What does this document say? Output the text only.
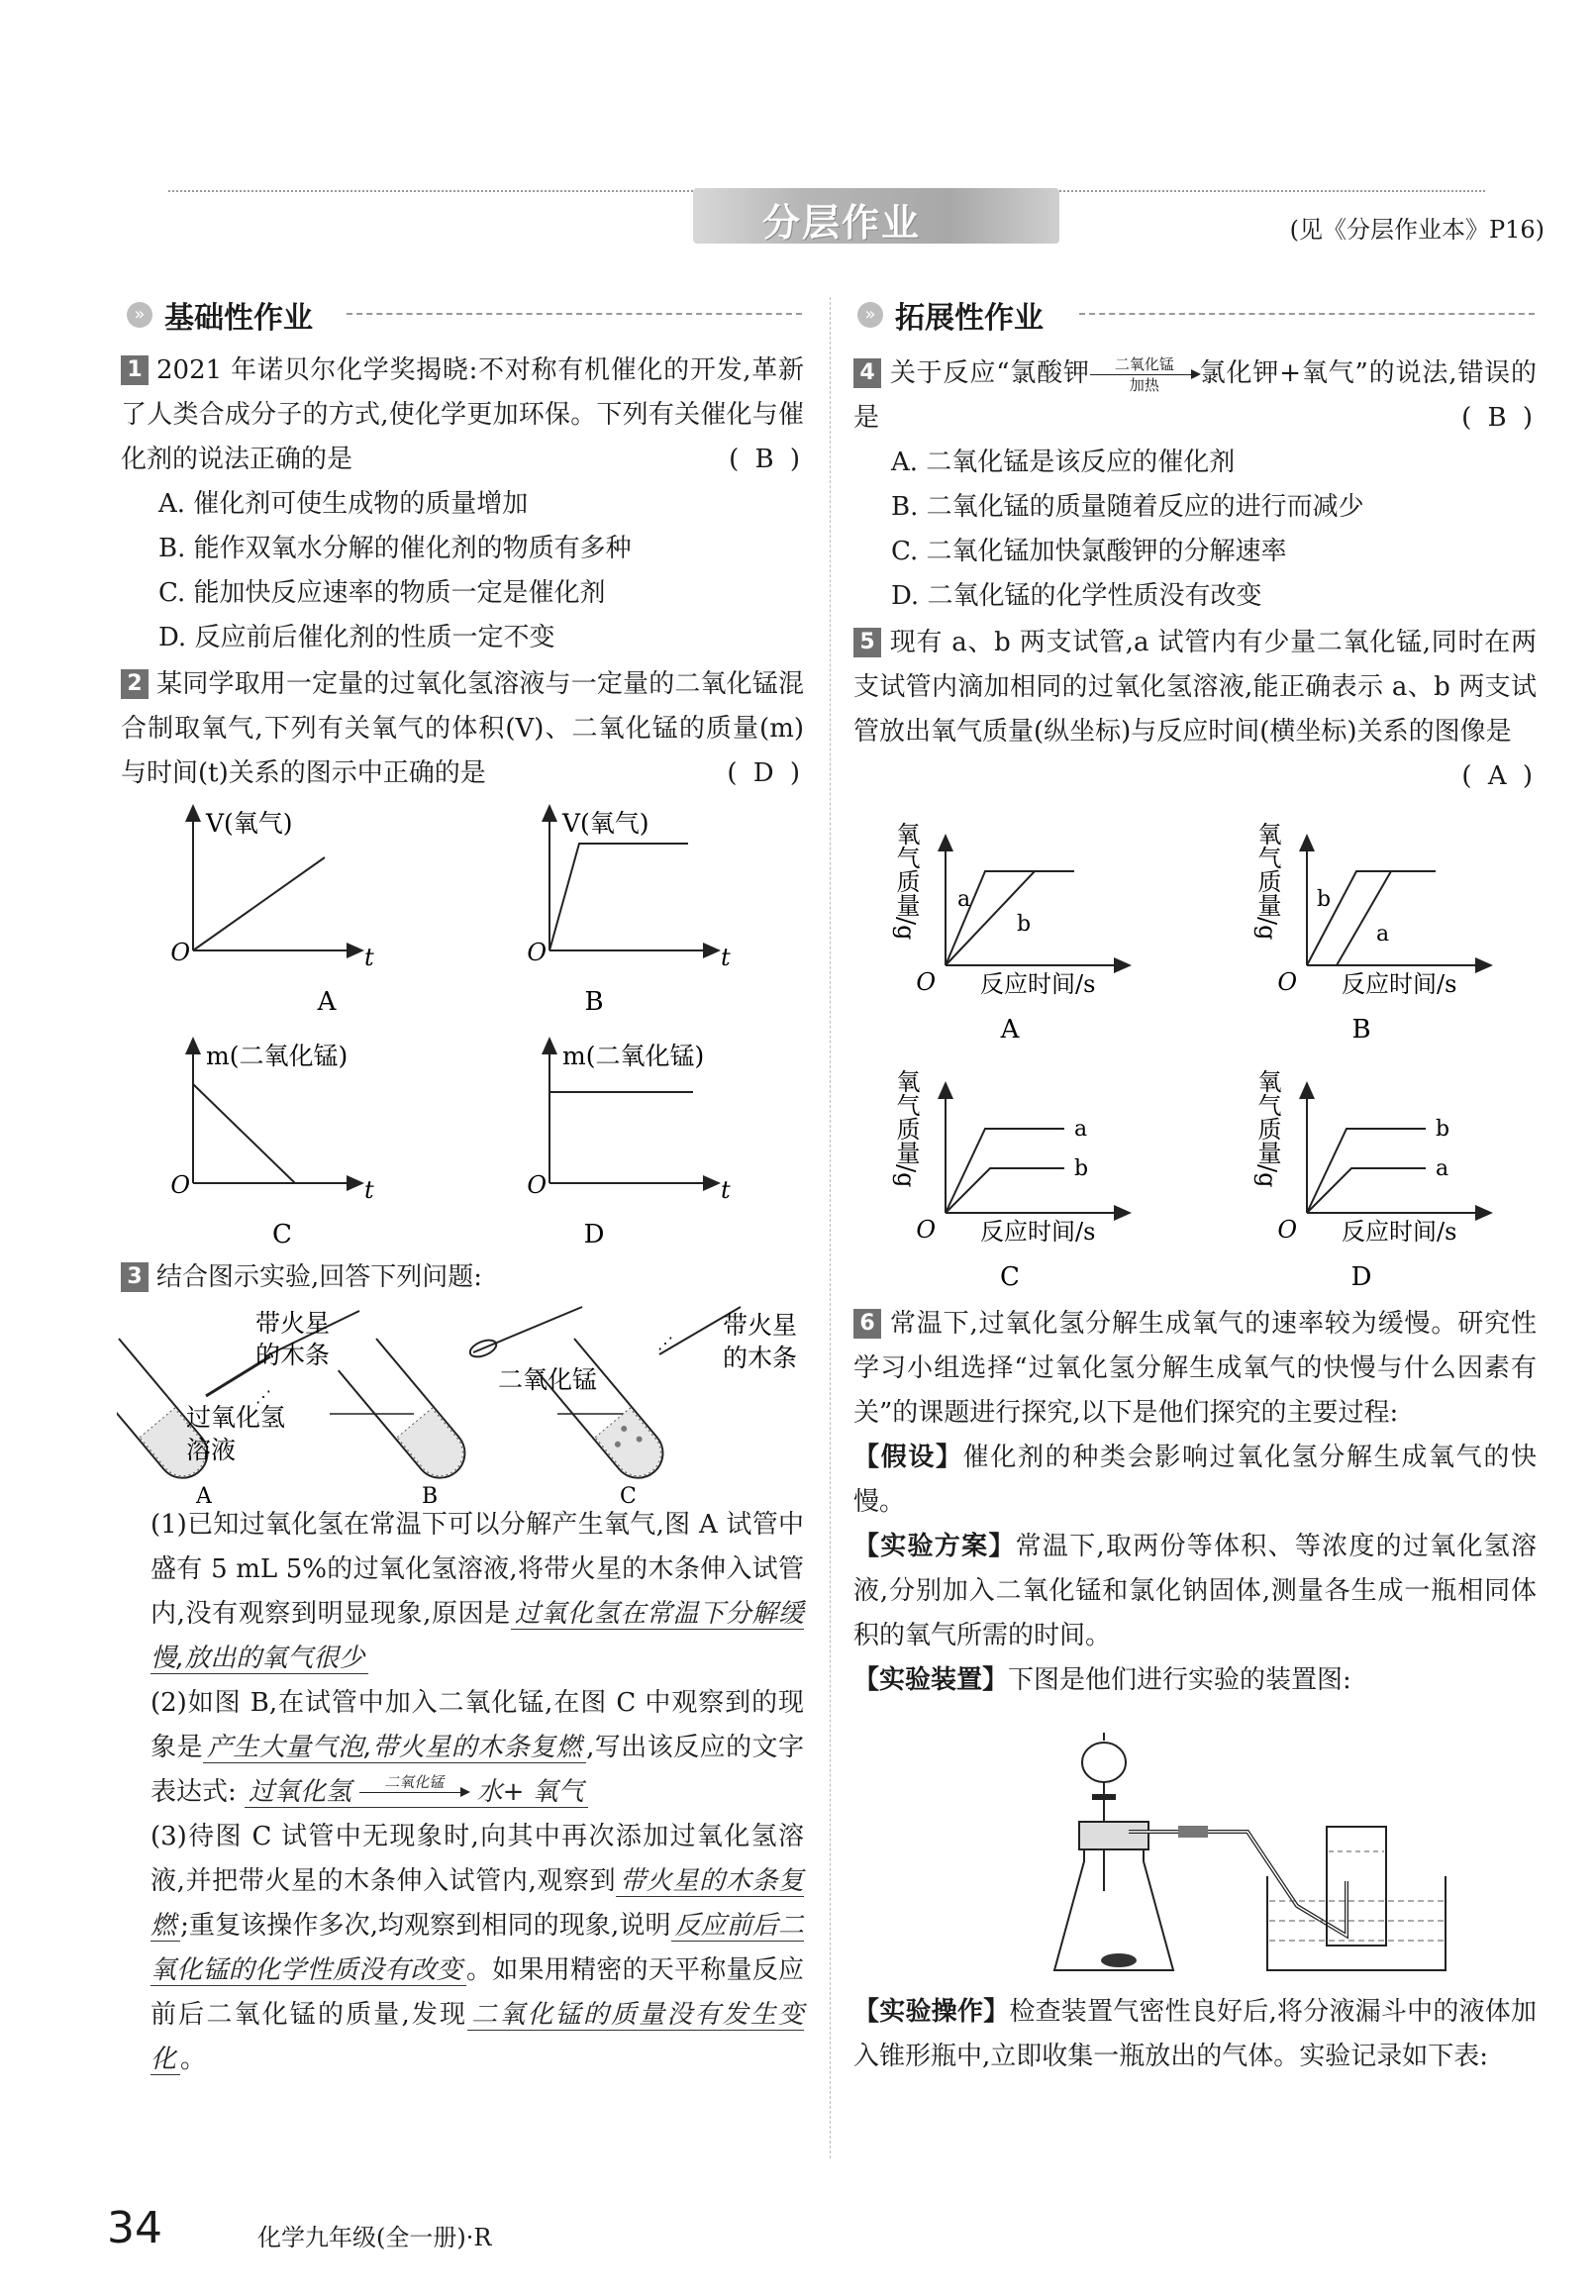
分层作业	(见《分层作业本》P16)
» 基础性作业	» 拓展性作业

1 2021 年诺贝尔化学奖揭晓:不对称有机催化的开发,革新了人类合成分子的方式,使化学更加环保。下列有关催化与催化剂的说法正确的是	( B )

A. 催化剂可使生成物的质量增加

B. 能作双氧水分解的催化剂的物质有多种

C. 能加快反应速率的物质一定是催化剂

D. 反应前后催化剂的性质一定不变

2 某同学取用一定量的过氧化氢溶液与一定量的二氧化锰混合制取氧气,下列有关氧气的体积(V)、二氧化锰的质量(m)与时间(t)关系的图示中正确的是	( D )

V(氧气)
O	t
A
V(氧气)
O	t
B
m(二氧化锰)
O	t
C
m(二氧化锰)
O	t
D

3 结合图示实验,回答下列问题:

⋰
带火星
的木条
过氧化氢
溶液
A
二氧化锰
B
⋰
带火星
的木条
C

(1)已知过氧化氢在常温下可以分解产生氧气,图 A 试管中盛有 5 mL 5%的过氧化氢溶液,将带火星的木条伸入试管内,没有观察到明显现象,原因是 过氧化氢在常温下分解缓慢,放出的氧气很少

(2)如图 B,在试管中加入二氧化锰,在图 C 中观察到的现象是 产生大量气泡,带火星的木条复燃 ,写出该反应的文字表达式: 过氧化氢	二氧化锰
	水+ 氧气

(3)待图 C 试管中无现象时,向其中再次添加过氧化氢溶液,并把带火星的木条伸入试管内,观察到 带火星的木条复燃 ;重复该操作多次,均观察到相同的现象,说明 反应前后二氧化锰的化学性质没有改变 。如果用精密的天平称量反应前后二氧化锰的质量,发现 二氧化锰的质量没有发生变化 。

4 关于反应“氯酸钾	二氧化锰
加热	氯化钾+氧气”的说法,错误的是	( B )

A. 二氧化锰是该反应的催化剂

B. 二氧化锰的质量随着反应的进行而减少

C. 二氧化锰加快氯酸钾的分解速率

D. 二氧化锰的化学性质没有改变

5 现有 a、b 两支试管,a 试管内有少量二氧化锰,同时在两支试管内滴加相同的过氧化氢溶液,能正确表示 a、b 两支试管放出氧气质量(纵坐标)与反应时间(横坐标)关系的图像是
( A )

a
b
氧气质量/g
O 反应时间/s
A
b
a
氧气质量/g
O 反应时间/s
B
a
b
氧气质量/g
O 反应时间/s
C
b
a
氧气质量/g
O 反应时间/s
D

6 常温下,过氧化氢分解生成氧气的速率较为缓慢。研究性学习小组选择“过氧化氢分解生成氧气的快慢与什么因素有关”的课题进行探究,以下是他们探究的主要过程:

【假设】催化剂的种类会影响过氧化氢分解生成氧气的快慢。

【实验方案】常温下,取两份等体积、等浓度的过氧化氢溶液,分别加入二氧化锰和氯化钠固体,测量各生成一瓶相同体积的氧气所需的时间。

【实验装置】下图是他们进行实验的装置图:

【实验操作】检查装置气密性良好后,将分液漏斗中的液体加入锥形瓶中,立即收集一瓶放出的气体。实验记录如下表:

34	化学九年级(全一册)·R
